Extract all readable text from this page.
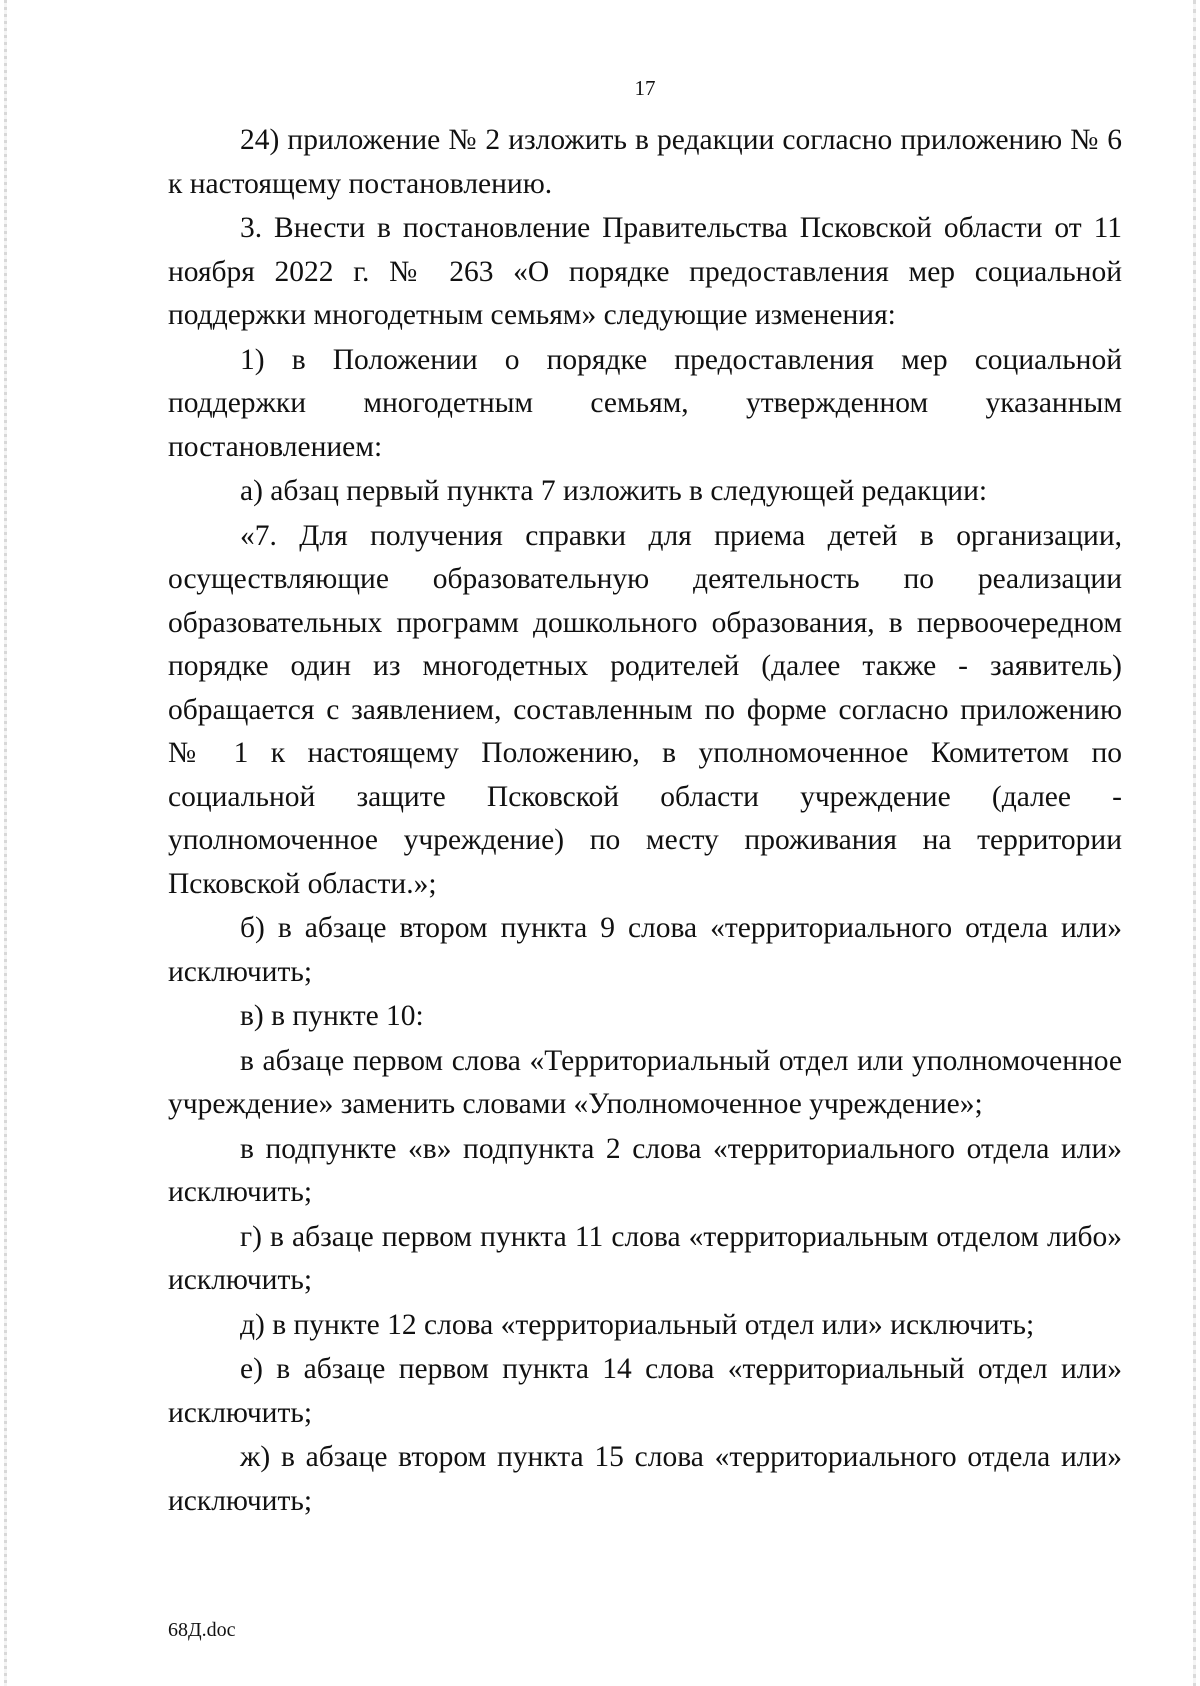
17

24) приложение № 2 изложить в редакции согласно приложению № 6 к настоящему постановлению.

3. Внести в постановление Правительства Псковской области от 11 ноября 2022 г. № 263 «О порядке предоставления мер социальной поддержки многодетным семьям» следующие изменения:

1) в Положении о порядке предоставления мер социальной поддержки многодетным семьям, утвержденном указанным постановлением:

а) абзац первый пункта 7 изложить в следующей редакции:

«7. Для получения справки для приема детей в организации, осуществляющие образовательную деятельность по реализации образовательных программ дошкольного образования, в первоочередном порядке один из многодетных родителей (далее также - заявитель) обращается с заявлением, составленным по форме согласно приложению № 1 к настоящему Положению, в уполномоченное Комитетом по социальной защите Псковской области учреждение (далее - уполномоченное учреждение) по месту проживания на территории Псковской области.»;

б) в абзаце втором пункта 9 слова «территориального отдела или» исключить;

в) в пункте 10:

в абзаце первом слова «Территориальный отдел или уполномоченное учреждение» заменить словами «Уполномоченное учреждение»;

в подпункте «в» подпункта 2 слова «территориального отдела или» исключить;

г) в абзаце первом пункта 11 слова «территориальным отделом либо» исключить;

д) в пункте 12 слова «территориальный отдел или» исключить;

е) в абзаце первом пункта 14 слова «территориальный отдел или» исключить;

ж) в абзаце втором пункта 15 слова «территориального отдела или» исключить;

68Д.doc
